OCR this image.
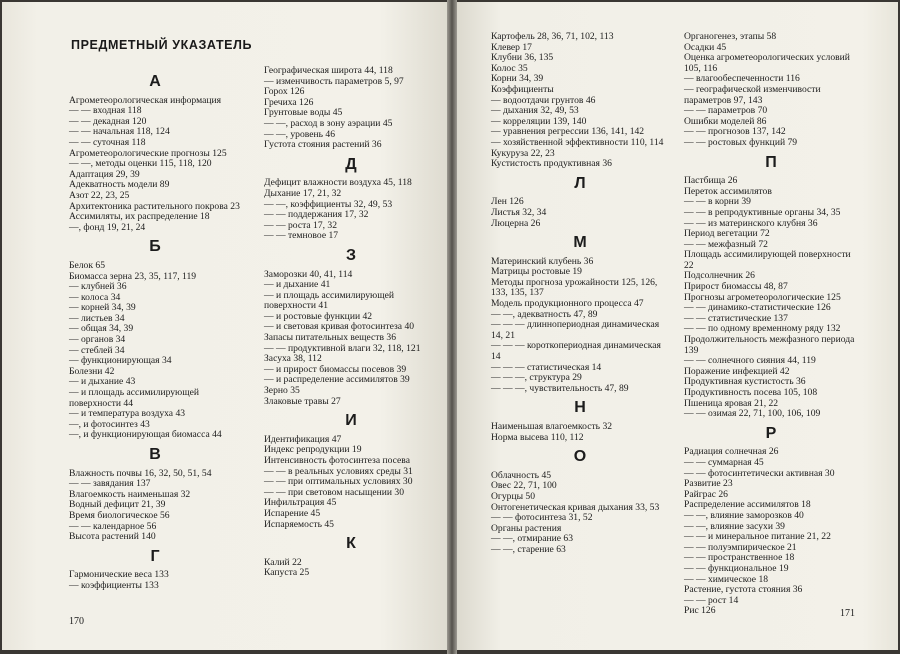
ПРЕДМЕТНЫЙ УКАЗАТЕЛЬ
А
Агрометеорологическая информация
— — входная 118
— — декадная 120
— — начальная 118, 124
— — суточная 118
Агрометеорологические прогнозы 125
— —, методы оценки 115, 118, 120
Адаптация 29, 39
Адекватность модели 89
Азот 22, 23, 25
Архитектоника растительного покрова 23
Ассимиляты, их распределение 18
—, фонд 19, 21, 24
Б
Белок 65
Биомасса зерна 23, 35, 117, 119
— клубней 36
— колоса 34
— корней 34, 39
— листьев 34
— общая 34, 39
— органов 34
— стеблей 34
— функционирующая 34
Болезни 42
— и дыхание 43
— и площадь ассимилирующей поверхности 44
— и температура воздуха 43
—, и фотосинтез 43
—, и функционирующая биомасса 44
В
Влажность почвы 16, 32, 50, 51, 54
— — завядания 137
Влагоемкость наименьшая 32
Водный дефицит 21, 39
Время биологическое 56
— — календарное 56
Высота растений 140
Г
Гармонические веса 133
— коэффициенты 133
Географическая широта 44, 118
— изменчивость параметров 5, 97
Горох 126
Гречиха 126
Грунтовые воды 45
— —, расход в зону аэрации 45
— —, уровень 46
Густота стояния растений 36
Д
Дефицит влажности воздуха 45, 118
Дыхание 17, 21, 32
— —, коэффициенты 32, 49, 53
— — поддержания 17, 32
— — роста 17, 32
— — темновое 17
З
Заморозки 40, 41, 114
— и дыхание 41
— и площадь ассимилирующей поверхности 41
— и ростовые функции 42
— и световая кривая фотосинтеза 40
Запасы питательных веществ 36
— — продуктивной влаги 32, 118, 121
Засуха 38, 112
— и прирост биомассы посевов 39
— и распределение ассимилятов 39
Зерно 35
Злаковые травы 27
И
Идентификация 47
Индекс репродукции 19
Интенсивность фотосинтеза посева
— — в реальных условиях среды 31
— — при оптимальных условиях 30
— — при световом насыщении 30
Инфильтрация 45
Испарение 45
Испаряемость 45
К
Калий 22
Капуста 25
170
Картофель 28, 36, 71, 102, 113
Клевер 17
Клубни 36, 135
Колос 35
Корни 34, 39
Коэффициенты
— водоотдачи грунтов 46
— дыхания 32, 49, 53
— корреляции 139, 140
— уравнения регрессии 136, 141, 142
— хозяйственной эффективности 110, 114
Кукуруза 22, 23
Кустистость продуктивная 36
Л
Лен 126
Листья 32, 34
Люцерна 26
М
Материнский клубень 36
Матрицы ростовые 19
Методы прогноза урожайности 125, 126, 133, 135, 137
Модель продукционного процесса 47
— —, адекватность 47, 89
— — — длиннопериодная динамическая 14, 21
— — — короткопериодная динамическая 14
— — — статистическая 14
— — —, структура 29
— — —, чувствительность 47, 89
Н
Наименьшая влагоемкость 32
Норма высева 110, 112
О
Облачность 45
Овес 22, 71, 100
Огурцы 50
Онтогенетическая кривая дыхания 33, 53
— — фотосинтеза 31, 52
Органы растения
— —, отмирание 63
— —, старение 63
Органогенез, этапы 58
Осадки 45
Оценка агрометеорологических условий 105, 116
— влагообеспеченности 116
— географической изменчивости параметров 97, 143
— — параметров 70
Ошибки моделей 86
— — прогнозов 137, 142
— — ростовых функций 79
П
Пастбища 26
Переток ассимилятов
— — в корни 39
— — в репродуктивные органы 34, 35
— — из материнского клубня 36
Период вегетации 72
— — межфазный 72
Площадь ассимилирующей поверхности 22
Подсолнечник 26
Прирост биомассы 48, 87
Прогнозы агрометеорологические 125
— — динамико-статистические 126
— — статистические 137
— — по одному временному ряду 132
Продолжительность межфазного периода 139
— — солнечного сияния 44, 119
Поражение инфекцией 42
Продуктивная кустистость 36
Продуктивность посева 105, 108
Пшеница яровая 21, 22
— — озимая 22, 71, 100, 106, 109
Р
Радиация солнечная 26
— — суммарная 45
— — фотосинтетически активная 30
Развитие 23
Райграс 26
Распределение ассимилятов 18
— —, влияние заморозков 40
— —, влияние засухи 39
— — и минеральное питание 21, 22
— — полуэмпирическое 21
— — пространственное 18
— — функциональное 19
— — химическое 18
Растение, густота стояния 36
— — рост 14
Рис 126	171
